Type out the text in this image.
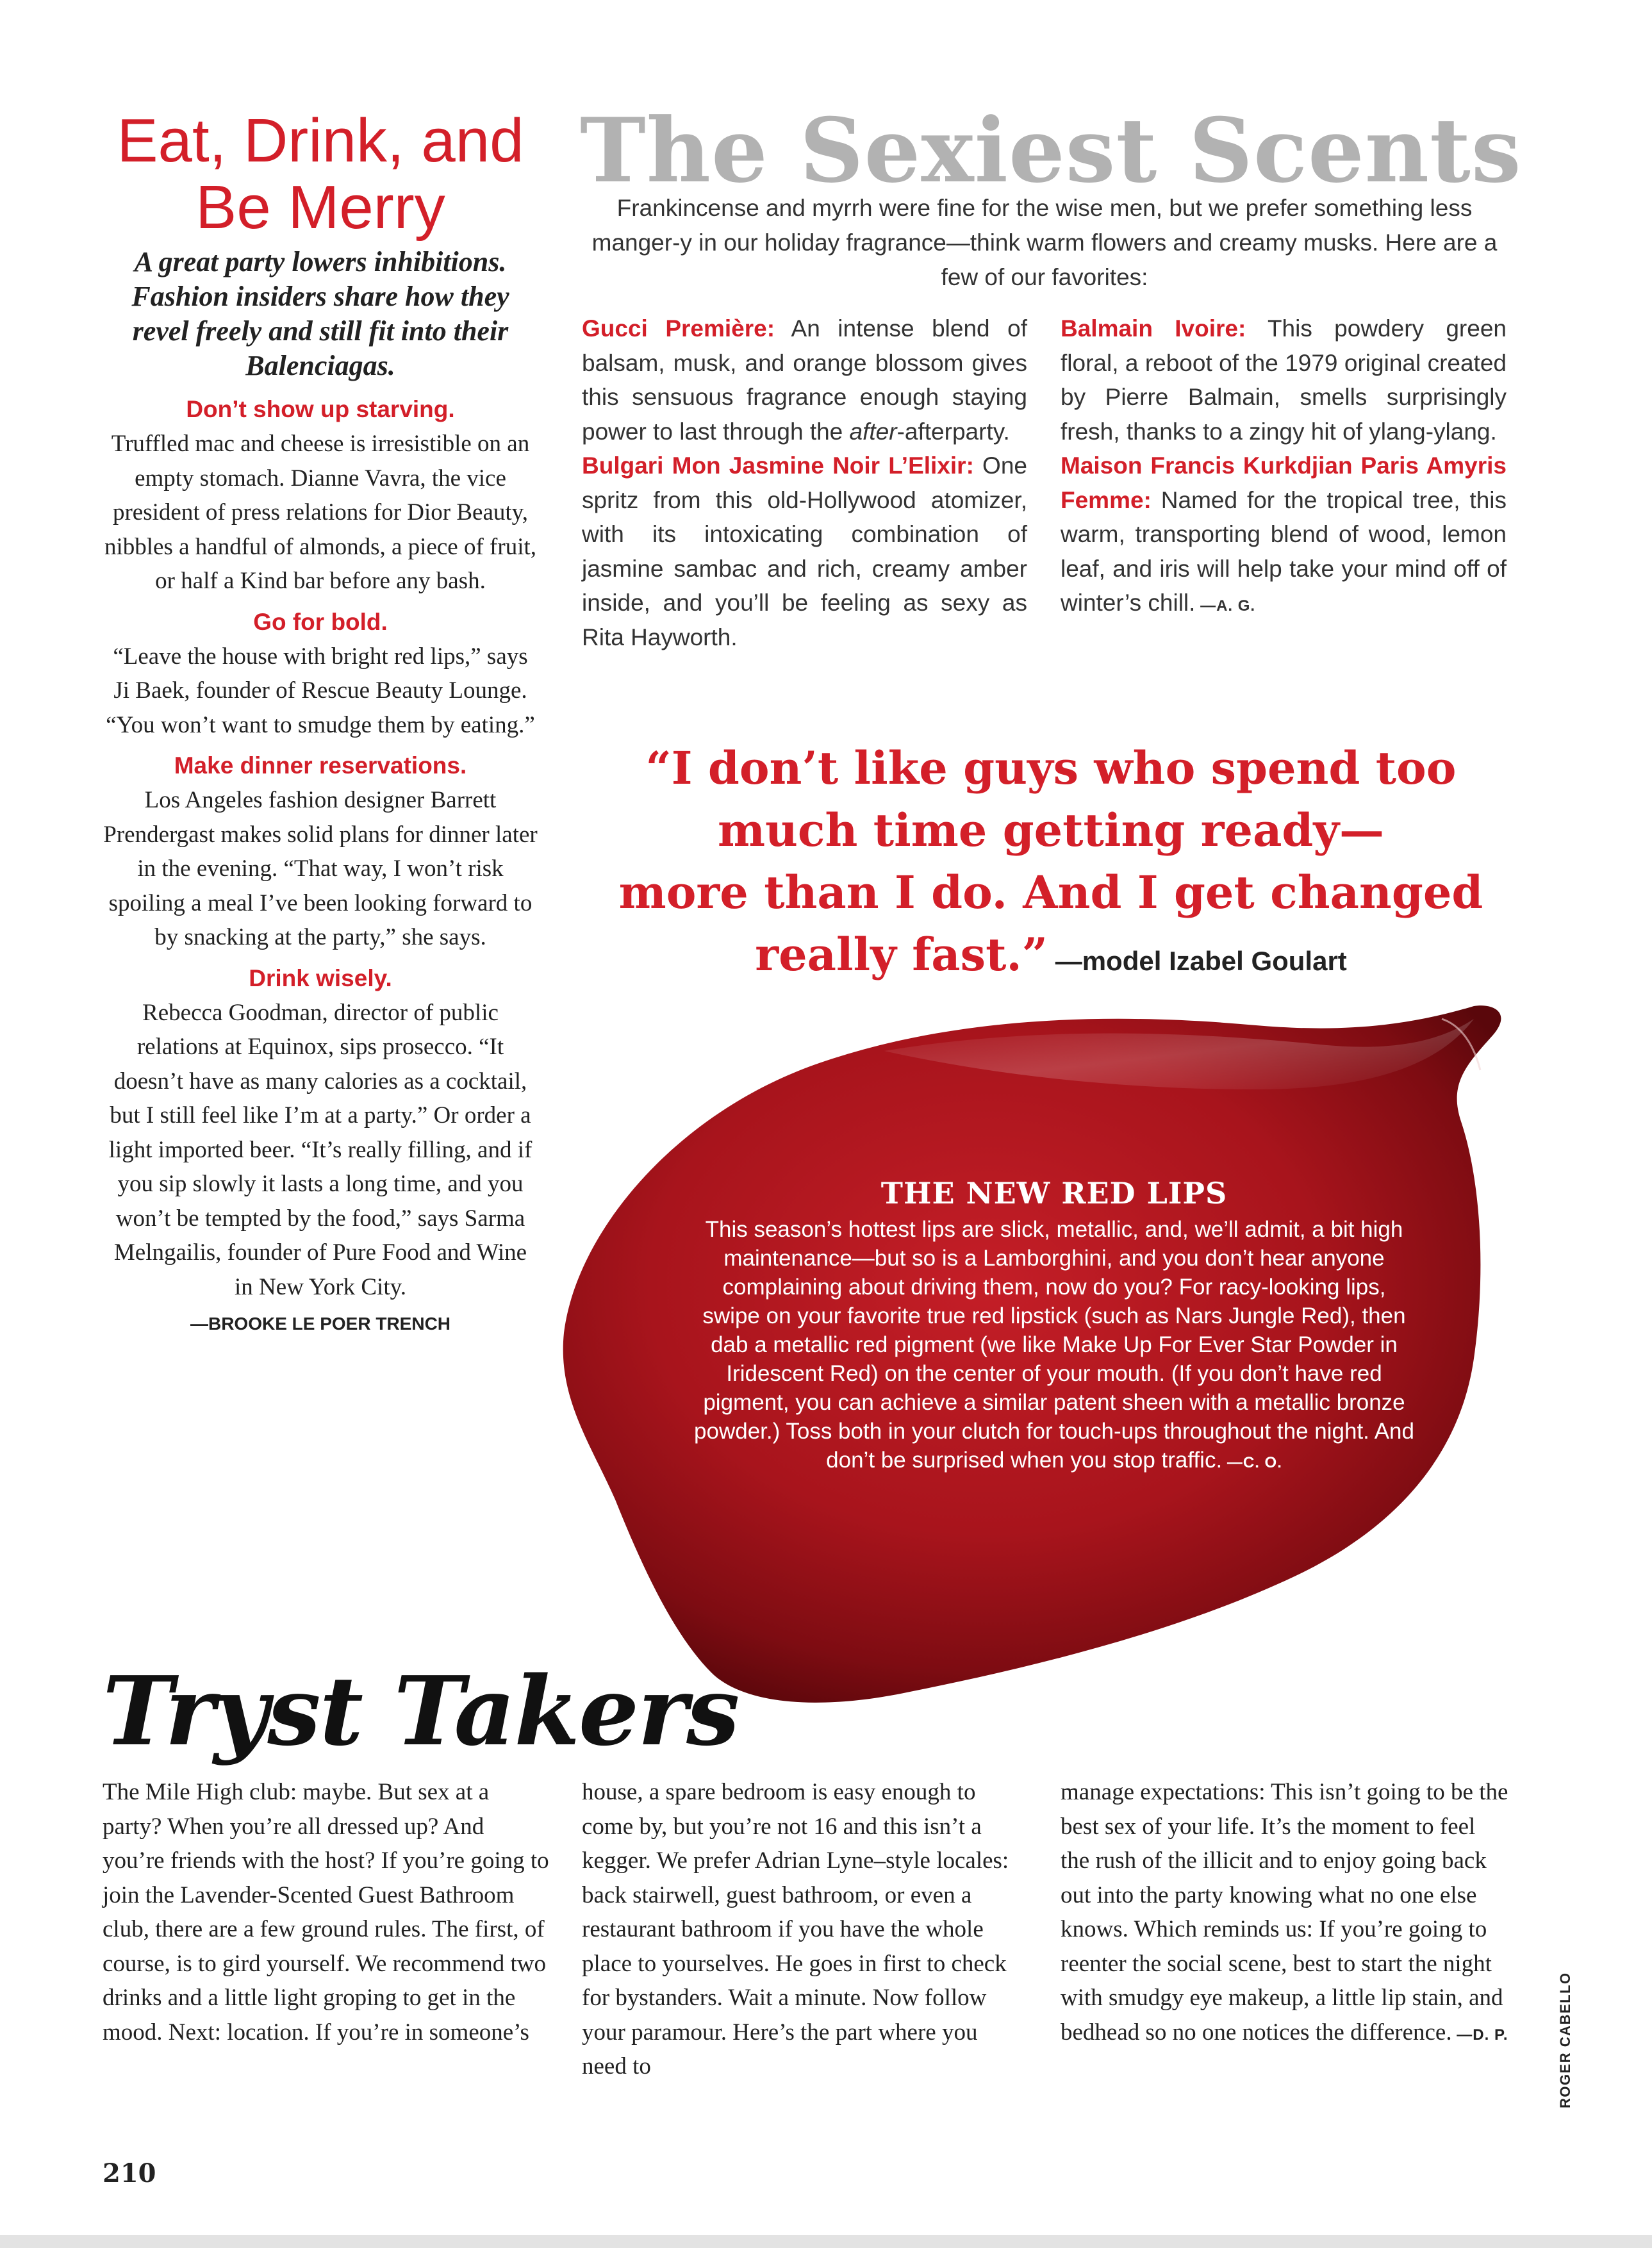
Eat, Drink, and
Be Merry
A great party lowers inhibitions. Fashion insiders share how they revel freely and still fit into their Balenciagas.
Don’t show up starving.
Truffled mac and cheese is irresistible on an empty stomach. Dianne Vavra, the vice president of press relations for Dior Beauty, nibbles a handful of almonds, a piece of fruit, or half a Kind bar before any bash.
Go for bold.
“Leave the house with bright red lips,” says Ji Baek, founder of Rescue Beauty Lounge. “You won’t want to smudge them by eating.”
Make dinner reservations.
Los Angeles fashion designer Barrett Prendergast makes solid plans for dinner later in the evening. “That way, I won’t risk spoiling a meal I’ve been looking forward to by snacking at the party,” she says.
Drink wisely.
Rebecca Goodman, director of public relations at Equinox, sips prosecco. “It doesn’t have as many calories as a cocktail, but I still feel like I’m at a party.” Or order a light imported beer. “It’s really filling, and if you sip slowly it lasts a long time, and you won’t be tempted by the food,” says Sarma Melngailis, founder of Pure Food and Wine in New York City.
—BROOKE LE POER TRENCH
The Sexiest Scents
Frankincense and myrrh were fine for the wise men, but we prefer something less manger-y in our holiday fragrance—think warm flowers and creamy musks. Here are a few of our favorites:
Gucci Première: An intense blend of balsam, musk, and orange blossom gives this sensuous fragrance enough staying power to last through the after-afterparty.
Bulgari Mon Jasmine Noir L’Elixir: One spritz from this old-Hollywood atomizer, with its intoxicating combination of jasmine sambac and rich, creamy amber inside, and you’ll be feeling as sexy as Rita Hayworth.
Balmain Ivoire: This powdery green floral, a reboot of the 1979 original created by Pierre Balmain, smells surprisingly fresh, thanks to a zingy hit of ylang-ylang.
Maison Francis Kurkdjian Paris Amyris Femme: Named for the tropical tree, this warm, transporting blend of wood, lemon leaf, and iris will help take your mind off of winter’s chill. —A. G.
“I don’t like guys who spend too
much time getting ready—
more than I do. And I get changed
really fast.” —model Izabel Goulart
THE NEW RED LIPS
This season’s hottest lips are slick, metallic, and, we’ll admit, a bit high maintenance—but so is a Lamborghini, and you don’t hear anyone complaining about driving them, now do you? For racy-looking lips, swipe on your favorite true red lipstick (such as Nars Jungle Red), then dab a metallic red pigment (we like Make Up For Ever Star Powder in Iridescent Red) on the center of your mouth. (If you don’t have red pigment, you can achieve a similar patent sheen with a metallic bronze powder.) Toss both in your clutch for touch-ups throughout the night. And don’t be surprised when you stop traffic. —C. O.
Tryst Takers
The Mile High club: maybe. But sex at a party? When you’re all dressed up? And you’re friends with the host? If you’re going to join the Lavender-Scented Guest Bathroom club, there are a few ground rules. The first, of course, is to gird yourself. We recommend two drinks and a little light groping to get in the mood. Next: location. If you’re in someone’s
house, a spare bedroom is easy enough to come by, but you’re not 16 and this isn’t a kegger. We prefer Adrian Lyne–style locales: back stairwell, guest bathroom, or even a restaurant bathroom if you have the whole place to yourselves. He goes in first to check for bystanders. Wait a minute. Now follow your paramour. Here’s the part where you need to
manage expectations: This isn’t going to be the best sex of your life. It’s the moment to feel the rush of the illicit and to enjoy going back out into the party knowing what no one else knows. Which reminds us: If you’re going to reenter the social scene, best to start the night with smudgy eye makeup, a little lip stain, and bedhead so no one notices the difference. —D. P.	ROGER CABELLO
210
